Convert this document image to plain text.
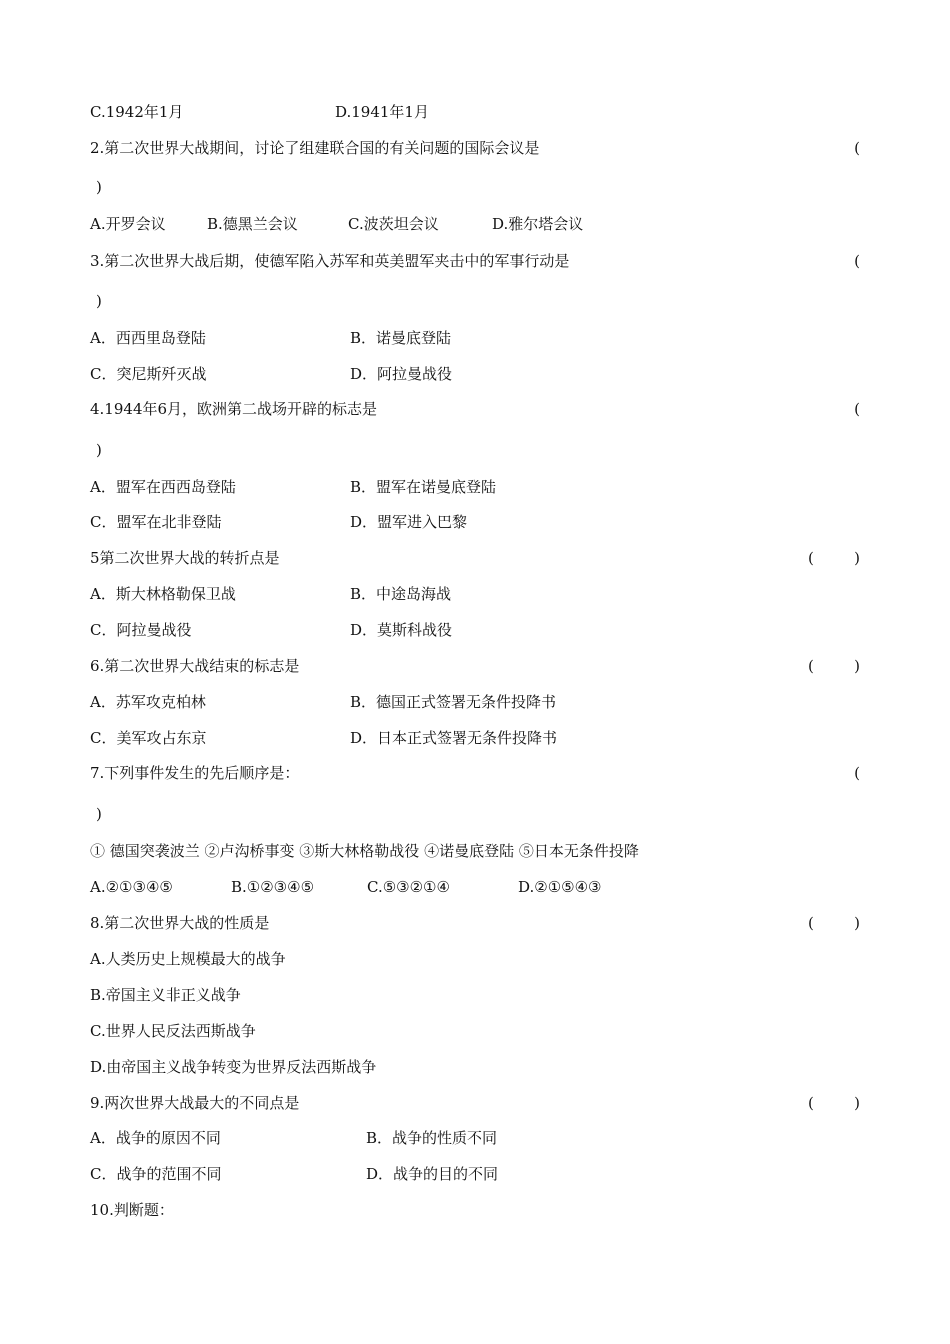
C.1942年1月	D.1941年1月
2.第二次世界大战期间，讨论了组建联合国的有关问题的国际会议是	(
)
A.开罗会议	B.德黑兰会议	C.波茨坦会议	D.雅尔塔会议
3.第二次世界大战后期，使德军陷入苏军和英美盟军夹击中的军事行动是	(
)
A．西西里岛登陆	B．诺曼底登陆
C．突尼斯歼灭战	D．阿拉曼战役
4.1944年6月，欧洲第二战场开辟的标志是	(
)
A．盟军在西西岛登陆	B．盟军在诺曼底登陆
C．盟军在北非登陆	D．盟军进入巴黎
5第二次世界大战的转折点是	(	)
A．斯大林格勒保卫战	B．中途岛海战
C．阿拉曼战役	D．莫斯科战役
6.第二次世界大战结束的标志是	(	)
A．苏军攻克柏林	B．德国正式签署无条件投降书
C．美军攻占东京	D．日本正式签署无条件投降书
7.下列事件发生的先后顺序是：	(
)
① 德国突袭波兰 ②卢沟桥事变 ③斯大林格勒战役 ④诺曼底登陆 ⑤日本无条件投降
A.②①③④⑤	B.①②③④⑤	C.⑤③②①④	D.②①⑤④③
8.第二次世界大战的性质是	(	)
A.人类历史上规模最大的战争
B.帝国主义非正义战争
C.世界人民反法西斯战争
D.由帝国主义战争转变为世界反法西斯战争
9.两次世界大战最大的不同点是	(	)
A．战争的原因不同	B．战争的性质不同
C．战争的范围不同	D．战争的目的不同
10.判断题：
